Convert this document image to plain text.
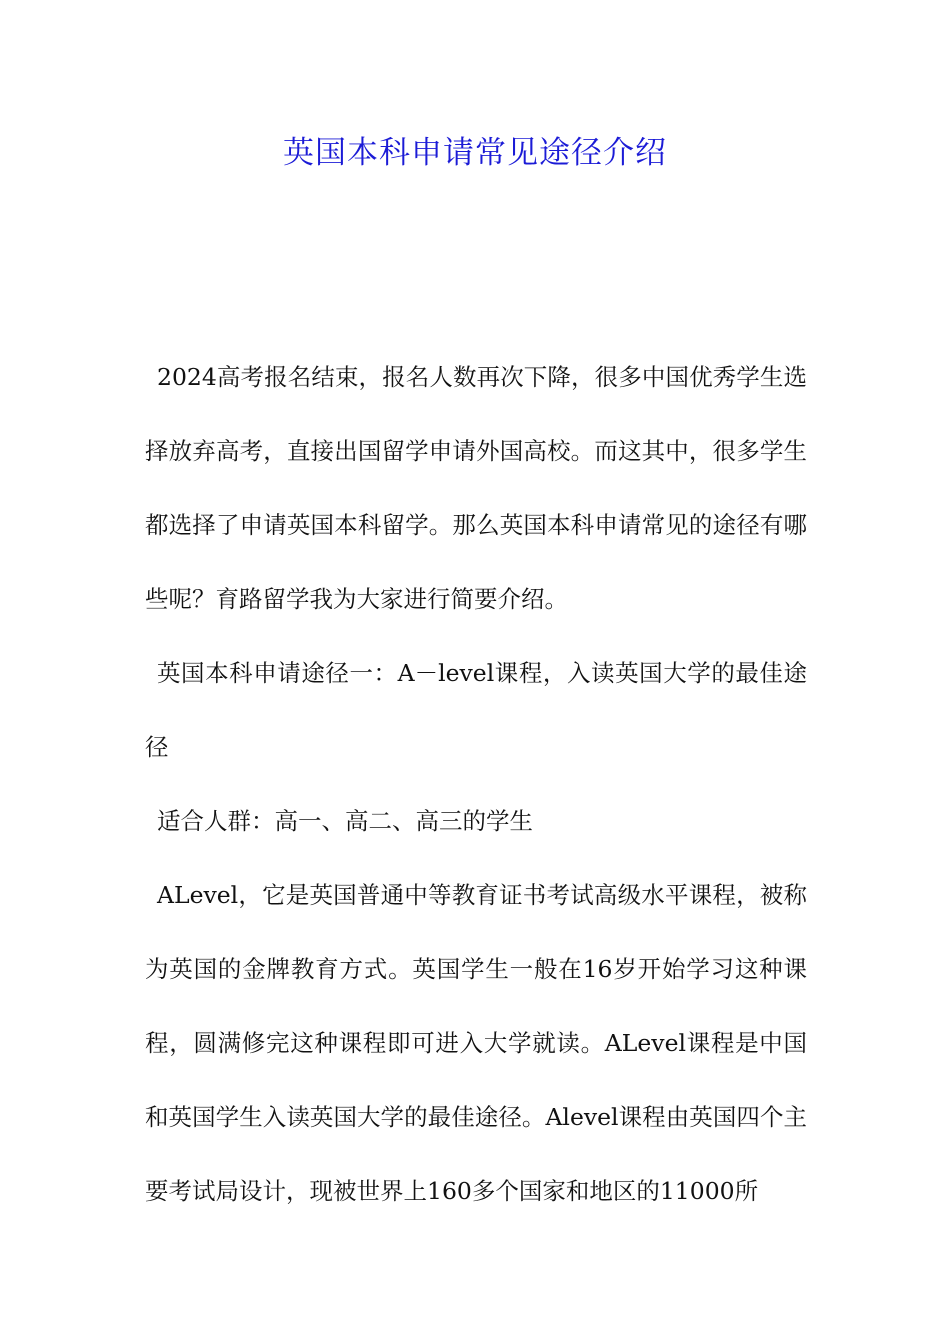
英国本科申请常见途径介绍

2024高考报名结束，报名人数再次下降，很多中国优秀学生选择放弃高考，直接出国留学申请外国高校。而这其中，很多学生都选择了申请英国本科留学。那么英国本科申请常见的途径有哪些呢？育路留学我为大家进行简要介绍。

英国本科申请途径一：A－level课程，入读英国大学的最佳途径

适合人群：高一、高二、高三的学生

ALevel，它是英国普通中等教育证书考试高级水平课程，被称为英国的金牌教育方式。英国学生一般在16岁开始学习这种课程，圆满修完这种课程即可进入大学就读。ALevel课程是中国和英国学生入读英国大学的最佳途径。Alevel课程由英国四个主要考试局设计，现被世界上160多个国家和地区的11000所
